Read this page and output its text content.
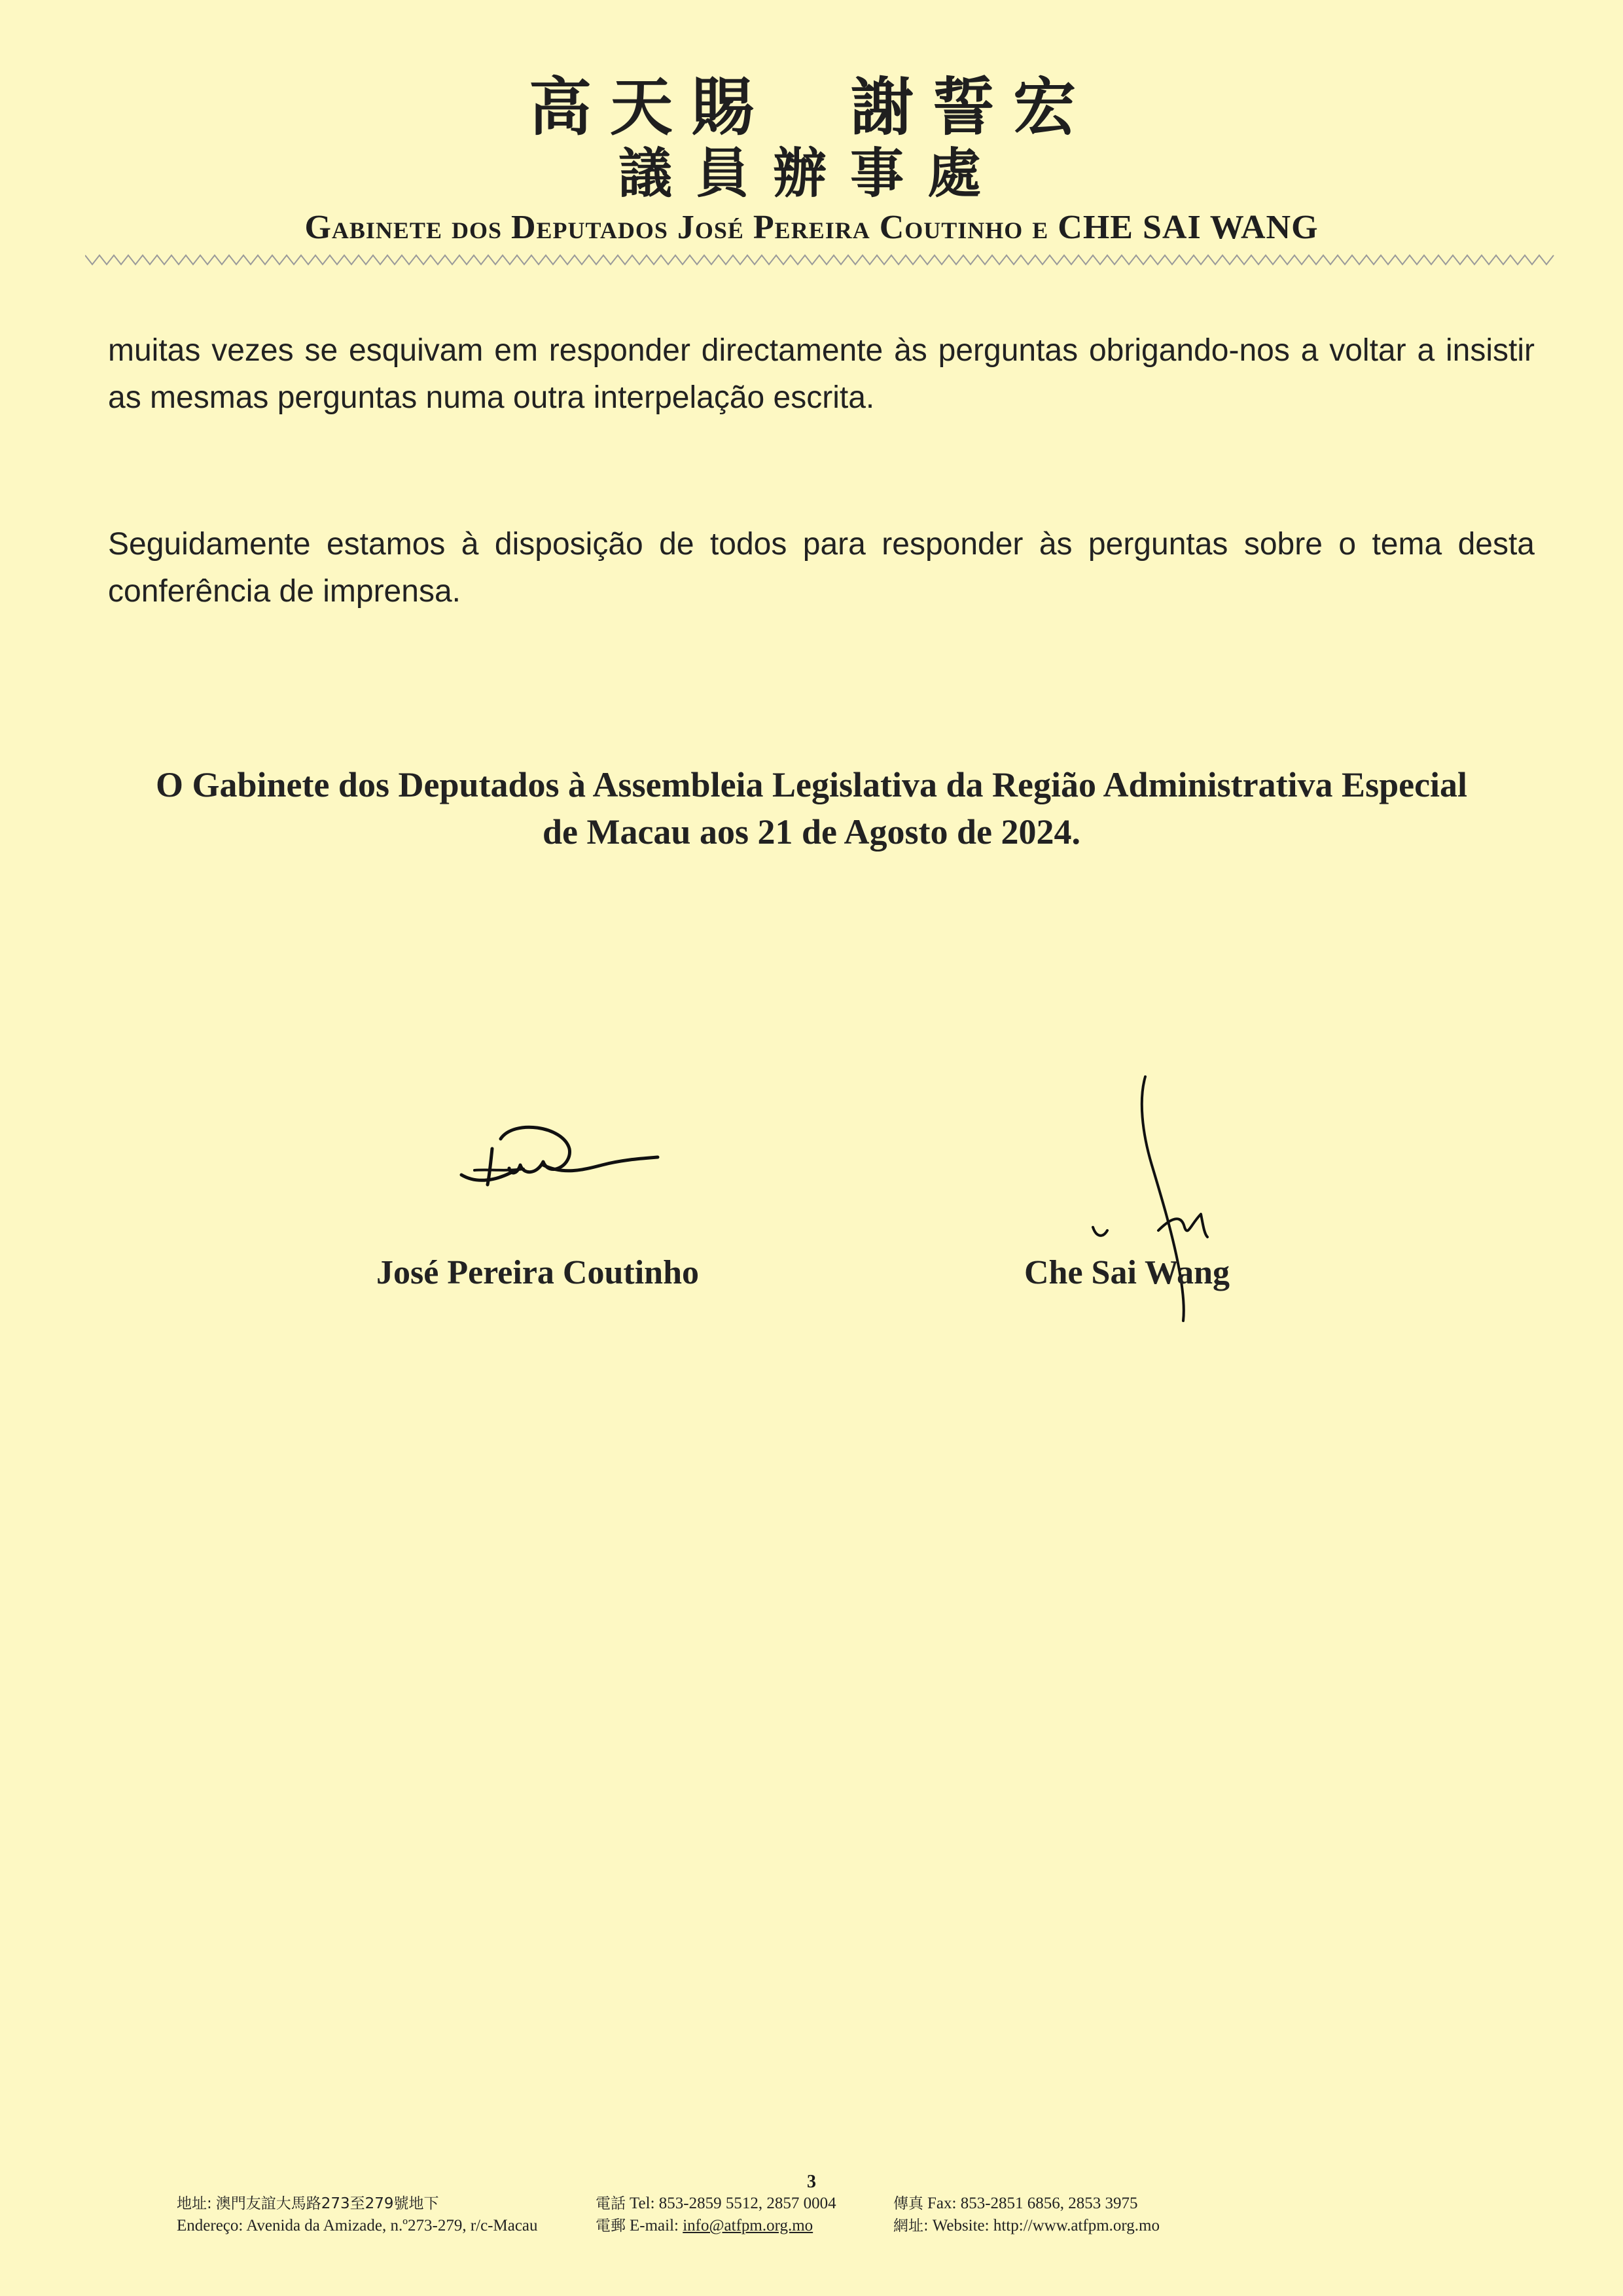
高天賜 謝誓宏
議員辦事處
Gabinete dos Deputados José Pereira Coutinho e CHE SAI WANG
muitas vezes se esquivam em responder directamente às perguntas obrigando-nos a voltar a insistir as mesmas perguntas numa outra interpelação escrita.
Seguidamente estamos à disposição de todos para responder às perguntas sobre o tema desta conferência de imprensa.
O Gabinete dos Deputados à Assembleia Legislativa da Região Administrativa Especial
de Macau aos 21 de Agosto de 2024.
José Pereira Coutinho	Che Sai Wang
3
地址: 澳門友誼大馬路273至279號地下
Endereço: Avenida da Amizade, n.º273-279, r/c-Macau
電話 Tel: 853-2859 5512, 2857 0004
電郵 E-mail: info@atfpm.org.mo
傳真 Fax: 853-2851 6856, 2853 3975
網址: Website: http://www.atfpm.org.mo
